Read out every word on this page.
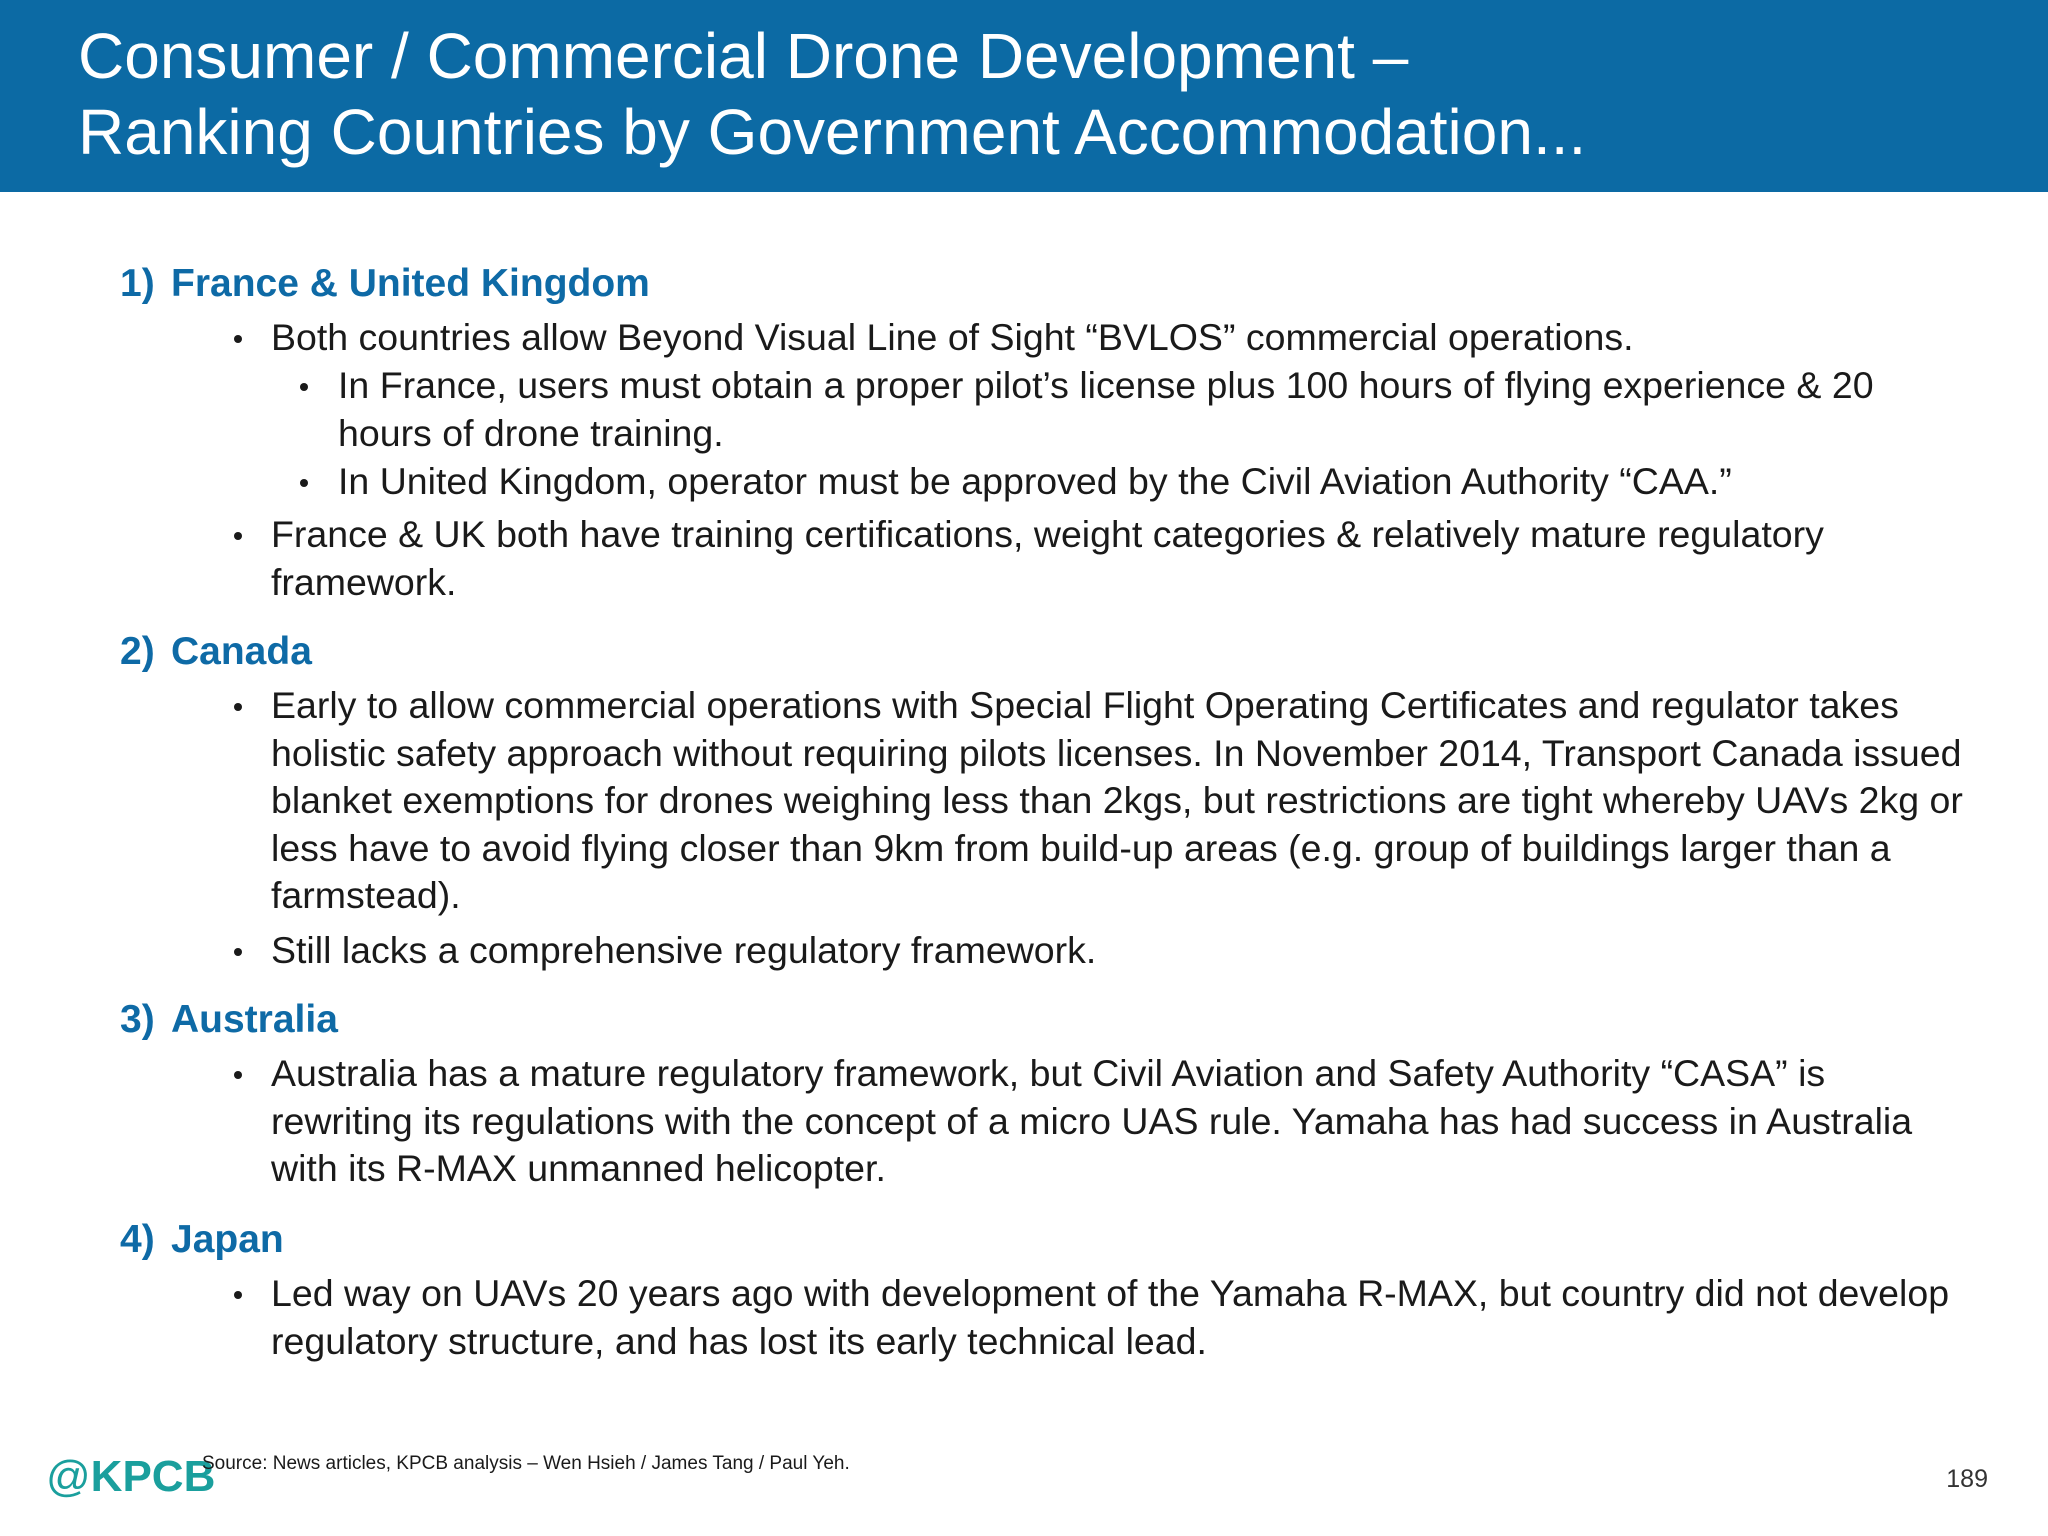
Consumer / Commercial Drone Development –
Ranking Countries by Government Accommodation...
1) France & United Kingdom
Both countries allow Beyond Visual Line of Sight “BVLOS” commercial operations.
In France, users must obtain a proper pilot’s license plus 100 hours of flying experience & 20 hours of drone training.
In United Kingdom, operator must be approved by the Civil Aviation Authority “CAA.”
France & UK both have training certifications, weight categories & relatively mature regulatory framework.
2) Canada
Early to allow commercial operations with Special Flight Operating Certificates and regulator takes holistic safety approach without requiring pilots licenses. In November 2014, Transport Canada issued blanket exemptions for drones weighing less than 2kgs, but restrictions are tight whereby UAVs 2kg or less have to avoid flying closer than 9km from build-up areas (e.g. group of buildings larger than a farmstead).
Still lacks a comprehensive regulatory framework.
3) Australia
Australia has a mature regulatory framework, but Civil Aviation and Safety Authority “CASA” is rewriting its regulations with the concept of a micro UAS rule. Yamaha has had success in Australia with its R-MAX unmanned helicopter.
4) Japan
Led way on UAVs 20 years ago with development of the Yamaha R-MAX, but country did not develop regulatory structure, and has lost its early technical lead.
@KPCB
Source: News articles, KPCB analysis – Wen Hsieh / James Tang / Paul Yeh.
189
